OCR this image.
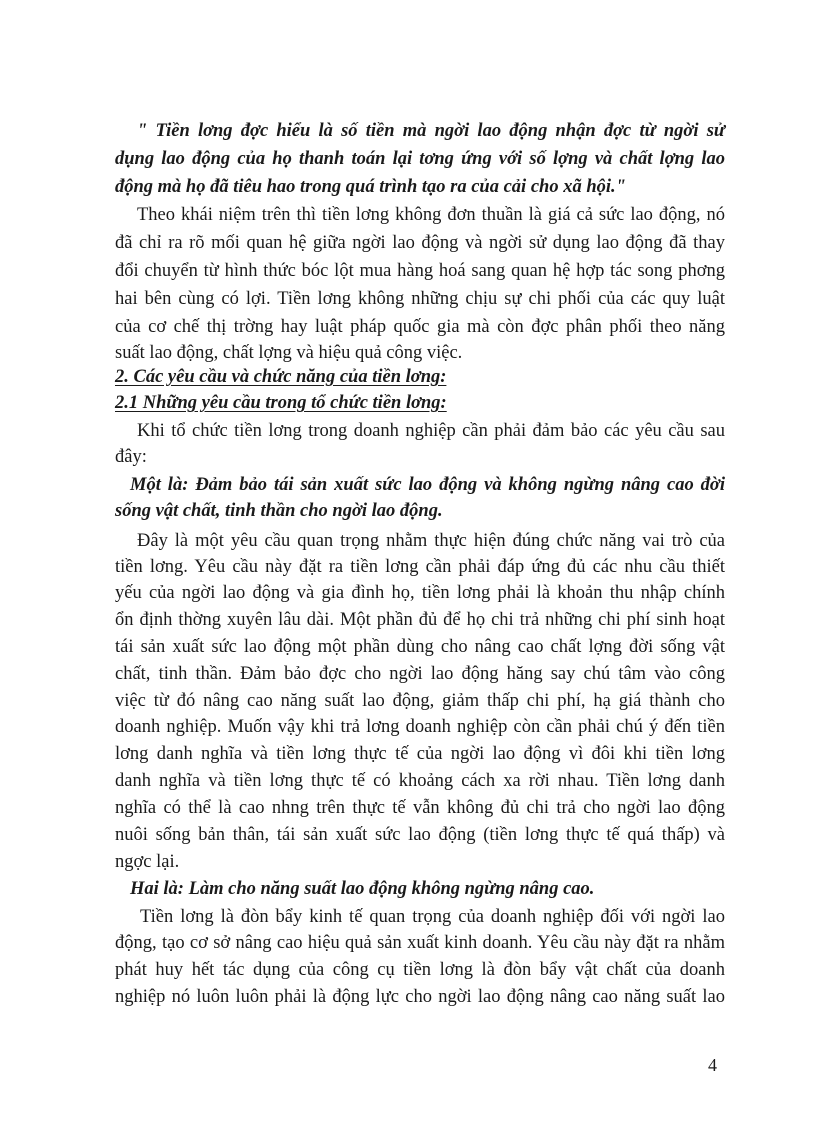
" Tiền lơng đợc hiểu là số tiền mà ngời lao động nhận đợc từ ngời sử
dụng lao động của họ thanh toán lại tơng ứng với số lợng và chất lợng lao
động mà họ đã tiêu hao trong quá trình tạo ra của cải cho xã hội."
Theo khái niệm trên thì tiền lơng không đơn thuần là giá cả sức lao động, nó
đã chỉ ra rõ mối quan hệ giữa ngời lao động và ngời sử dụng lao động đã thay
đổi chuyển từ hình thức bóc lột mua hàng hoá sang quan hệ hợp tác song phơng
hai bên cùng có lợi. Tiền lơng không những chịu sự chi phối của các quy luật
của cơ chế thị trờng hay luật pháp quốc gia mà còn đợc phân phối theo năng
suất lao động, chất lợng và hiệu quả công việc.
2. Các yêu cầu và chức năng của tiền lơng:
2.1 Những yêu cầu trong tổ chức tiền lơng:
Khi tổ chức tiền lơng trong doanh nghiệp cần phải đảm bảo các yêu cầu sau
đây:
Một là: Đảm bảo tái sản xuất sức lao động và không ngừng nâng cao đời
sống vật chất, tinh thần cho ngời lao động.
Đây là một yêu cầu quan trọng nhằm thực hiện đúng chức năng vai trò của
tiền lơng. Yêu cầu này đặt ra tiền lơng cần phải đáp ứng đủ các nhu cầu thiết
yếu của ngời lao động và gia đình họ, tiền lơng phải là khoản thu nhập chính
ổn định thờng xuyên lâu dài. Một phần đủ để họ chi trả những chi phí sinh hoạt
tái sản xuất sức lao động một phần dùng cho nâng cao chất lợng đời sống vật
chất, tinh thần. Đảm bảo đợc cho ngời lao động hăng say chú tâm vào công
việc từ đó nâng cao năng suất lao động, giảm thấp chi phí, hạ giá thành cho
doanh nghiệp. Muốn vậy khi trả lơng doanh nghiệp còn cần phải chú ý đến tiền
lơng danh nghĩa và tiền lơng thực tế của ngời lao động vì đôi khi tiền lơng
danh nghĩa và tiền lơng thực tế có khoảng cách xa rời nhau. Tiền lơng danh
nghĩa có thể là cao nhng trên thực tế vẫn không đủ chi trả cho ngời lao động
nuôi sống bản thân, tái sản xuất sức lao động (tiền lơng thực tế quá thấp) và
ngợc lại.
Hai là: Làm cho năng suất lao động không ngừng nâng cao.
Tiền lơng là đòn bẩy kinh tế quan trọng của doanh nghiệp đối với ngời lao
động, tạo cơ sở nâng cao hiệu quả sản xuất kinh doanh. Yêu cầu này đặt ra nhằm
phát huy hết tác dụng của công cụ tiền lơng là đòn bẩy vật chất của doanh
nghiệp nó luôn luôn phải là động lực cho ngời lao động nâng cao năng suất lao
4
